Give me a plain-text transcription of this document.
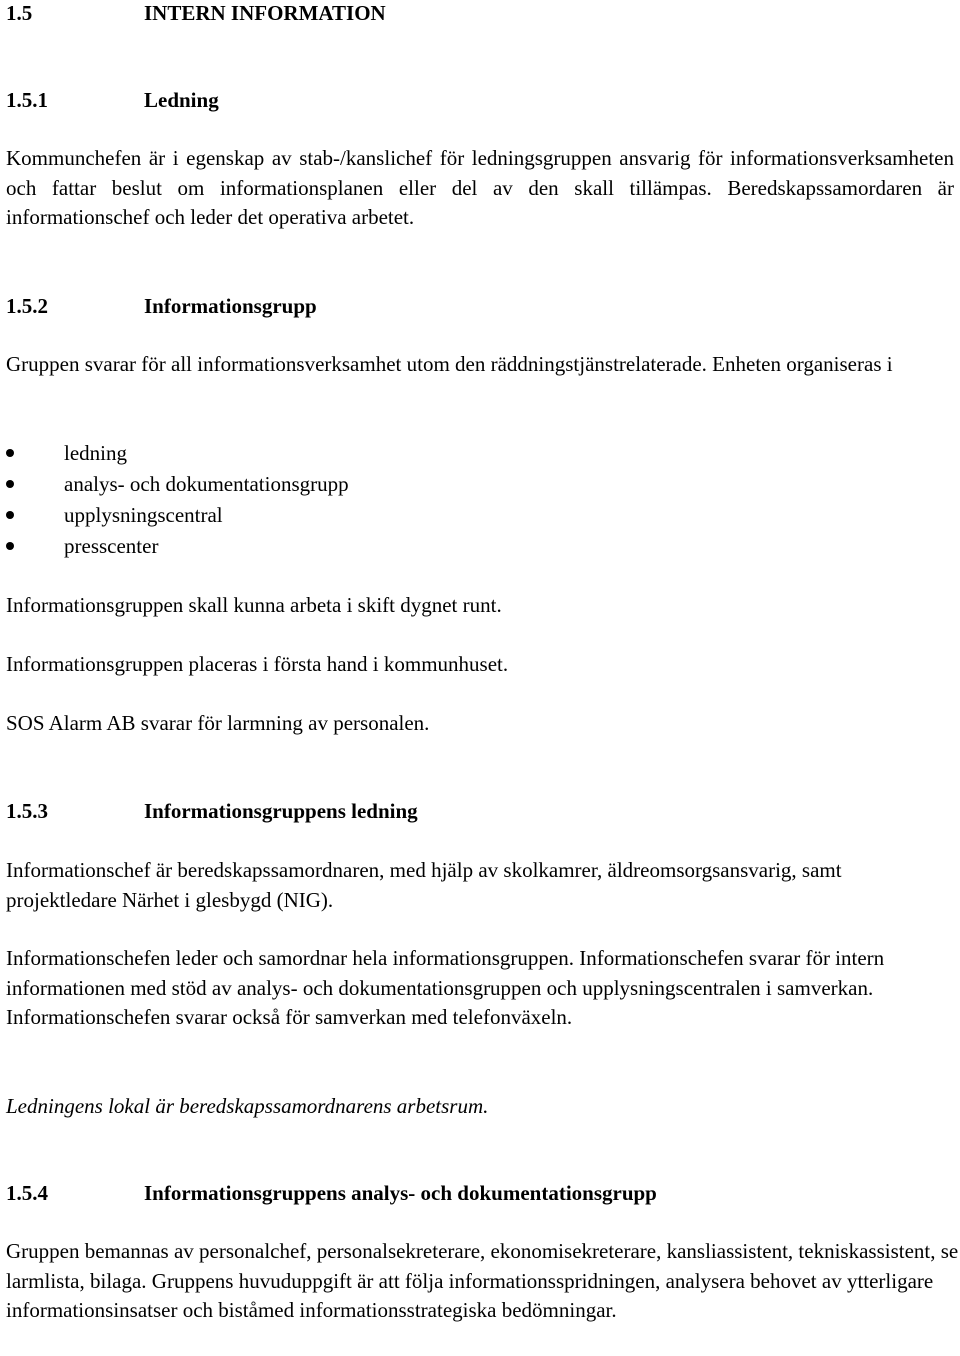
1.5	INTERN INFORMATION
1.5.1	Ledning

Kommunchefen är i egenskap av stab-/kanslichef för ledningsgruppen ansvarig för informationsverksamheten och fattar beslut om informationsplanen eller del av den skall tillämpas. Beredskapssamordaren är informationschef och leder det operativa arbetet.

1.5.2	Informationsgrupp

Gruppen svarar för all informationsverksamhet utom den räddningstjänstrelaterade. Enheten organiseras i

ledning
analys- och dokumentationsgrupp
upplysningscentral
presscenter

Informationsgruppen skall kunna arbeta i skift dygnet runt.

Informationsgruppen placeras i första hand i kommunhuset.

SOS Alarm AB svarar för larmning av personalen.

1.5.3	Informationsgruppens ledning

Informationschef är beredskapssamordnaren, med hjälp av skolkamrer, äldreomsorgsansvarig, samt projektledare Närhet i glesbygd (NIG).

Informationschefen leder och samordnar hela informationsgruppen. Informationschefen svarar för intern informationen med stöd av analys- och dokumentationsgruppen och upplysningscentralen i samverkan. Informationschefen svarar också för samverkan med telefonväxeln.

Ledningens lokal är beredskapssamordnarens arbetsrum.

1.5.4	Informationsgruppens analys- och dokumentationsgrupp

Gruppen bemannas av personalchef, personalsekreterare, ekonomisekreterare, kansliassistent, tekniskassistent, se larmlista, bilaga. Gruppens huvuduppgift är att följa informationsspridningen, analysera behovet av ytterligare informationsinsatser och biståmed informationsstrategiska bedömningar.
